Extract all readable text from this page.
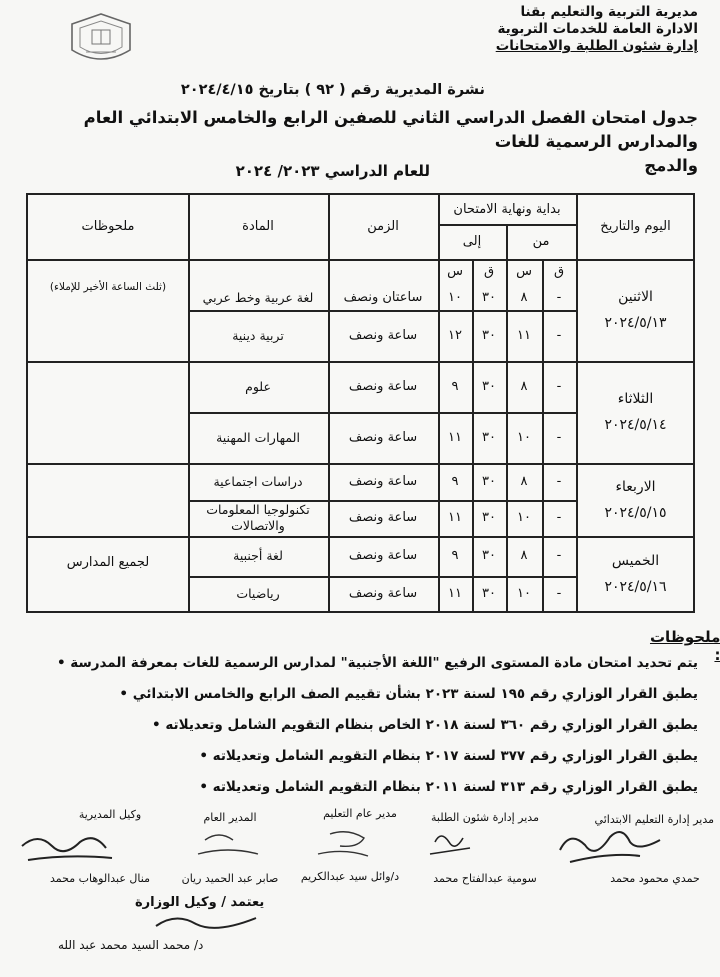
مديرية التربية والتعليم بقنا
الادارة العامة للخدمات التربوية
إدارة شئون الطلبة والامتحانات
نشرة المديرية رقم ( ٩٢ ) بتاريخ ٢٠٢٤/٤/١٥
جدول امتحان الفصل الدراسي الثاني للصفين الرابع والخامس الابتدائي العام والمدارس الرسمية للغات
والدمج
للعام الدراسي ٢٠٢٣/ ٢٠٢٤
اليوم والتاريخ
بداية ونهاية الامتحان
من
إلى
الزمن
المادة
ملحوظات
ق
س
ق
س
الاثنين
٢٠٢٤/٥/١٣
الثلاثاء
٢٠٢٤/٥/١٤
الاربعاء
٢٠٢٤/٥/١٥
الخميس
٢٠٢٤/٥/١٦
(ثلث الساعة الأخير للإملاء)
لجميع المدارس
-
٨
٣٠
١٠
ساعتان ونصف
لغة عربية وخط عربي
-
١١
٣٠
١٢
ساعة ونصف
تربية دينية
-
٨
٣٠
٩
ساعة ونصف
علوم
-
١٠
٣٠
١١
ساعة ونصف
المهارات المهنية
-
٨
٣٠
٩
ساعة ونصف
دراسات اجتماعية
-
١٠
٣٠
١١
ساعة ونصف
تكنولوجيا المعلومات والاتصالات
-
٨
٣٠
٩
ساعة ونصف
لغة أجنبية
-
١٠
٣٠
١١
ساعة ونصف
رياضيات
ملحوظات :
يتم تحديد امتحان مادة المستوى الرفيع "اللغة الأجنبية" لمدارس الرسمية للغات بمعرفة المدرسة •
يطبق القرار الوزاري رقم ١٩٥ لسنة ٢٠٢٣ بشأن تقييم الصف الرابع والخامس الابتدائي •
يطبق القرار الوزاري رقم ٣٦٠ لسنة ٢٠١٨ الخاص بنظام التقويم الشامل وتعديلاته •
يطبق القرار الوزاري رقم ٣٧٧ لسنة ٢٠١٧ بنظام التقويم الشامل وتعديلاته •
يطبق القرار الوزاري رقم ٣١٣ لسنة ٢٠١١ بنظام التقويم الشامل وتعديلاته •
مدير إدارة التعليم الابتدائي
مدير إدارة شئون الطلبة
مدير عام التعليم
المدير العام
وكيل المديرية
حمدي محمود محمد
سومية عبدالفتاح محمد
د/وائل سيد عبدالكريم
صابر عبد الحميد ريان
منال عبدالوهاب محمد
يعتمد / وكيل الوزارة
د/ محمد السيد محمد عبد الله
